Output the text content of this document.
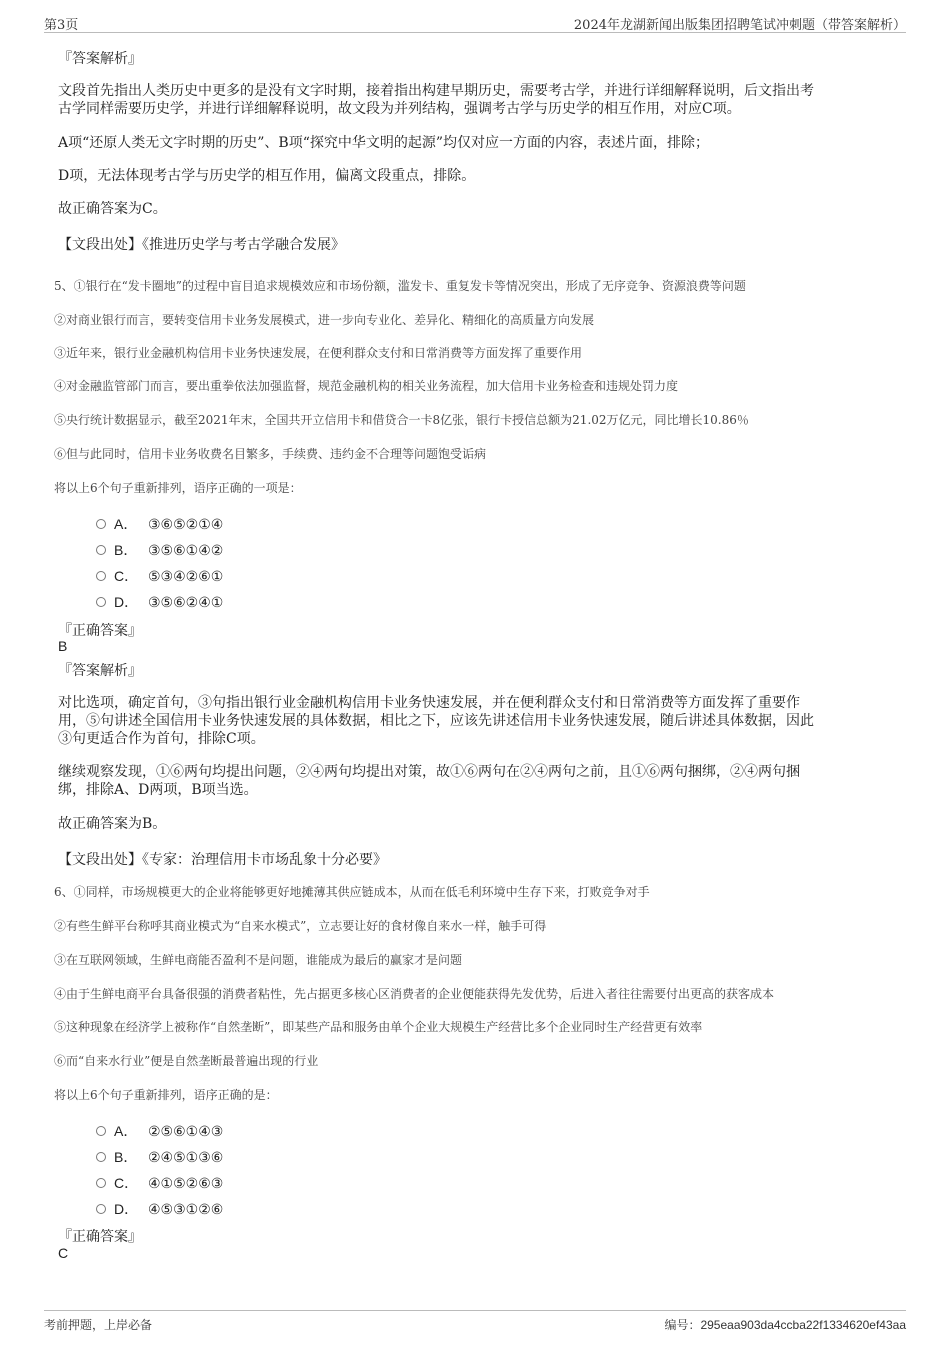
第3页	2024年龙湖新闻出版集团招聘笔试冲刺题（带答案解析）
『答案解析』
文段首先指出人类历史中更多的是没有文字时期，接着指出构建早期历史，需要考古学，并进行详细解释说明，后文指出考
古学同样需要历史学，并进行详细解释说明，故文段为并列结构，强调考古学与历史学的相互作用，对应C项。
A项“还原人类无文字时期的历史”、B项“探究中华文明的起源”均仅对应一方面的内容，表述片面，排除；
D项，无法体现考古学与历史学的相互作用，偏离文段重点，排除。
故正确答案为C。
【文段出处】《推进历史学与考古学融合发展》
5、①银行在“发卡圈地”的过程中盲目追求规模效应和市场份额，滥发卡、重复发卡等情况突出，形成了无序竞争、资源浪费等问题
②对商业银行而言，要转变信用卡业务发展模式，进一步向专业化、差异化、精细化的高质量方向发展
③近年来，银行业金融机构信用卡业务快速发展，在便利群众支付和日常消费等方面发挥了重要作用
④对金融监管部门而言，要出重拳依法加强监督，规范金融机构的相关业务流程，加大信用卡业务检查和违规处罚力度
⑤央行统计数据显示，截至2021年末，全国共开立信用卡和借贷合一卡8亿张，银行卡授信总额为21.02万亿元，同比增长10.86％
⑥但与此同时，信用卡业务收费名目繁多，手续费、违约金不合理等问题饱受诟病
将以上6个句子重新排列，语序正确的一项是：
A． ③⑥⑤②①④
B． ③⑤⑥①④②
C． ⑤③④②⑥①
D． ③⑤⑥②④①
『正确答案』
B
『答案解析』
对比选项，确定首句，③句指出银行业金融机构信用卡业务快速发展，并在便利群众支付和日常消费等方面发挥了重要作
用，⑤句讲述全国信用卡业务快速发展的具体数据，相比之下，应该先讲述信用卡业务快速发展，随后讲述具体数据，因此
③句更适合作为首句，排除C项。
继续观察发现，①⑥两句均提出问题，②④两句均提出对策，故①⑥两句在②④两句之前，且①⑥两句捆绑，②④两句捆
绑，排除A、D两项，B项当选。
故正确答案为B。
【文段出处】《专家：治理信用卡市场乱象十分必要》
6、①同样，市场规模更大的企业将能够更好地摊薄其供应链成本，从而在低毛利环境中生存下来，打败竞争对手
②有些生鲜平台称呼其商业模式为“自来水模式”，立志要让好的食材像自来水一样，触手可得
③在互联网领域，生鲜电商能否盈利不是问题，谁能成为最后的赢家才是问题
④由于生鲜电商平台具备很强的消费者粘性，先占据更多核心区消费者的企业便能获得先发优势，后进入者往往需要付出更高的获客成本
⑤这种现象在经济学上被称作“自然垄断”，即某些产品和服务由单个企业大规模生产经营比多个企业同时生产经营更有效率
⑥而“自来水行业”便是自然垄断最普遍出现的行业
将以上6个句子重新排列，语序正确的是：
A． ②⑤⑥①④③
B． ②④⑤①③⑥
C． ④①⑤②⑥③
D． ④⑤③①②⑥
『正确答案』
C
考前押题，上岸必备	编号：295eaa903da4ccba22f1334620ef43aa
